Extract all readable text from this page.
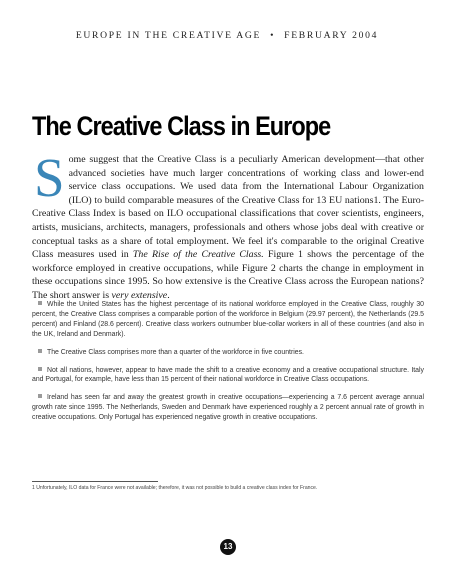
EUROPE IN THE CREATIVE AGE • FEBRUARY 2004
The Creative Class in Europe
Some suggest that the Creative Class is a peculiarly American development—that other advanced societies have much larger concentrations of working class and lower-end service class occupations. We used data from the International Labour Organization (ILO) to build comparable measures of the Creative Class for 13 EU nations1. The Euro-Creative Class Index is based on ILO occupational classifications that cover scientists, engineers, artists, musicians, architects, managers, professionals and others whose jobs deal with creative or conceptual tasks as a share of total employment. We feel it's comparable to the original Creative Class measures used in The Rise of the Creative Class. Figure 1 shows the percentage of the workforce employed in creative occupations, while Figure 2 charts the change in employment in these occupations since 1995. So how extensive is the Creative Class across the European nations? The short answer is very extensive.

While the United States has the highest percentage of its national workforce employed in the Creative Class, roughly 30 percent, the Creative Class comprises a comparable portion of the workforce in Belgium (29.97 percent), the Netherlands (29.5 percent) and Finland (28.6 percent). Creative class workers outnumber blue-collar workers in all of these countries (and also in the UK, Ireland and Denmark).

The Creative Class comprises more than a quarter of the workforce in five countries.

Not all nations, however, appear to have made the shift to a creative economy and a creative occupational structure. Italy and Portugal, for example, have less than 15 percent of their national workforce in Creative Class occupations.

Ireland has seen far and away the greatest growth in creative occupations—experiencing a 7.6 percent average annual growth rate since 1995. The Netherlands, Sweden and Denmark have experienced roughly a 2 percent annual rate of growth in creative occupations. Only Portugal has experienced negative growth in creative occupations.

1 Unfortunately, ILO data for France were not available; therefore, it was not possible to build a creative class index for France.
13
